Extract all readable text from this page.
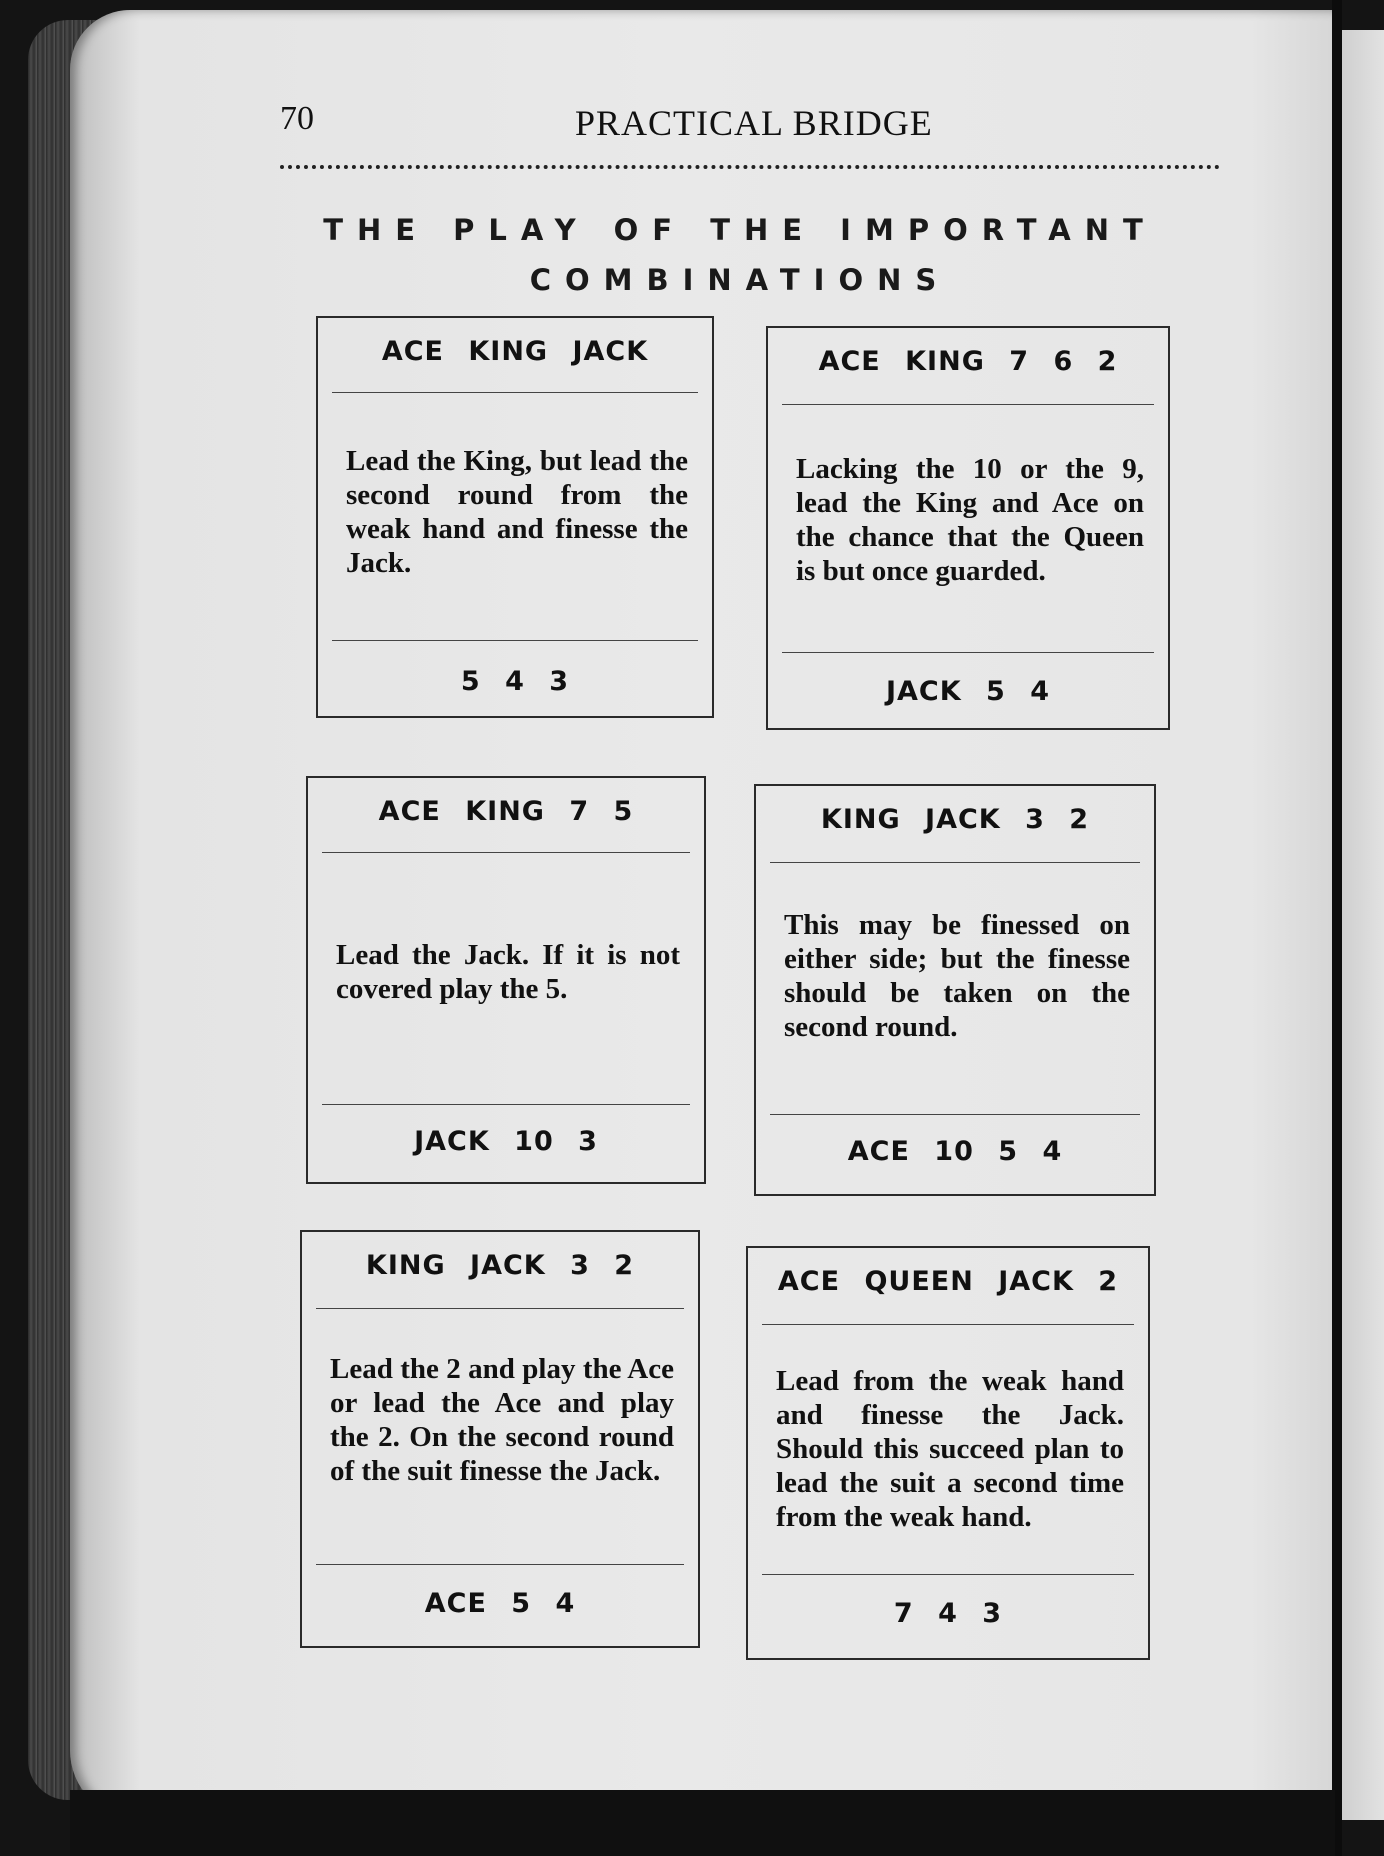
70	PRACTICAL BRIDGE
THE PLAY OF THE IMPORTANT
COMBINATIONS
ACE KING JACK
Lead the King, but lead the second round from the weak hand and finesse the Jack.
5 4 3
ACE KING 7 6 2
Lacking the 10 or the 9, lead the King and Ace on the chance that the Queen is but once guarded.
JACK 5 4
ACE KING 7 5
Lead the Jack. If it is not covered play the 5.
JACK 10 3
KING JACK 3 2
This may be finessed on either side; but the finesse should be taken on the second round.
ACE 10 5 4
KING JACK 3 2
Lead the 2 and play the Ace or lead the Ace and play the 2. On the second round of the suit finesse the Jack.
ACE 5 4
ACE QUEEN JACK 2
Lead from the weak hand and finesse the Jack. Should this succeed plan to lead the suit a second time from the weak hand.
7 4 3
